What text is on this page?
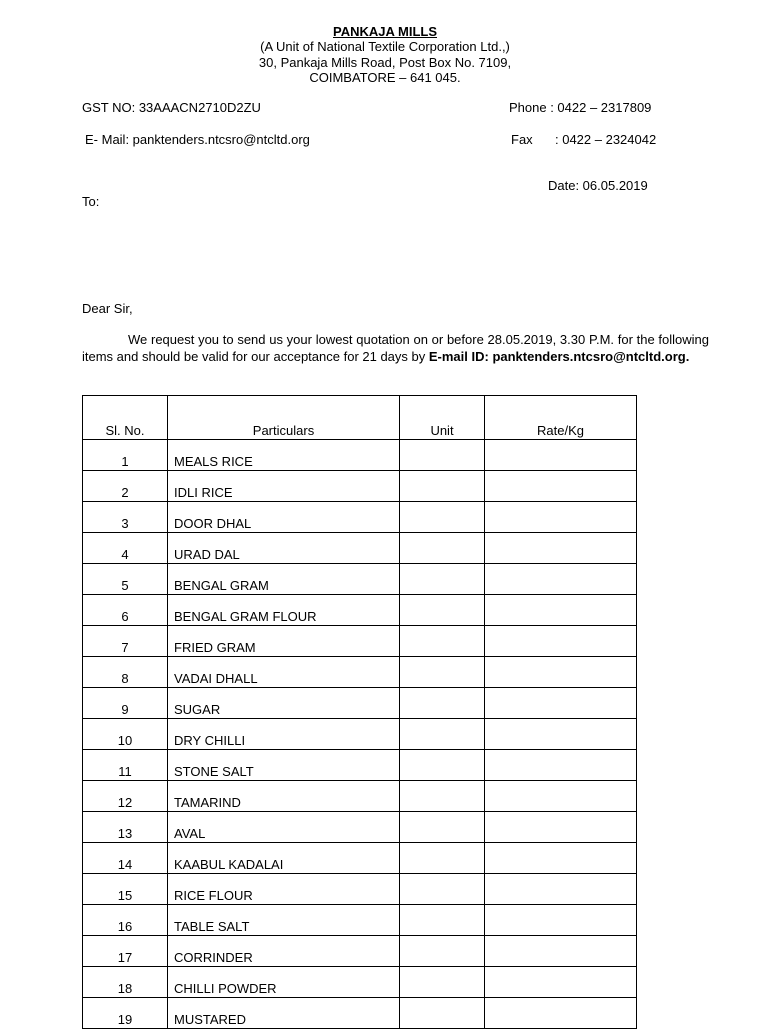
PANKAJA MILLS
(A Unit of National Textile Corporation Ltd.,)
30, Pankaja Mills Road, Post Box No. 7109,
COIMBATORE – 641 045.
GST NO: 33AAACN2710D2ZU	Phone : 0422 – 2317809
E- Mail: panktenders.ntcsro@ntcltd.org	Fax : 0422 – 2324042
Date: 06.05.2019
To:
Dear Sir,
We request you to send us your lowest quotation on or before 28.05.2019, 3.30 P.M. for the following items and should be valid for our acceptance for 21 days by E-mail ID: panktenders.ntcsro@ntcltd.org.
Sl. No.	Particulars	Unit	Rate/Kg
1	MEALS RICE		
2	IDLI RICE		
3	DOOR DHAL		
4	URAD DAL		
5	BENGAL GRAM		
6	BENGAL GRAM FLOUR		
7	FRIED GRAM		
8	VADAI DHALL		
9	SUGAR		
10	DRY CHILLI		
11	STONE SALT		
12	TAMARIND		
13	AVAL		
14	KAABUL KADALAI		
15	RICE FLOUR		
16	TABLE SALT		
17	CORRINDER		
18	CHILLI POWDER		
19	MUSTARED		
